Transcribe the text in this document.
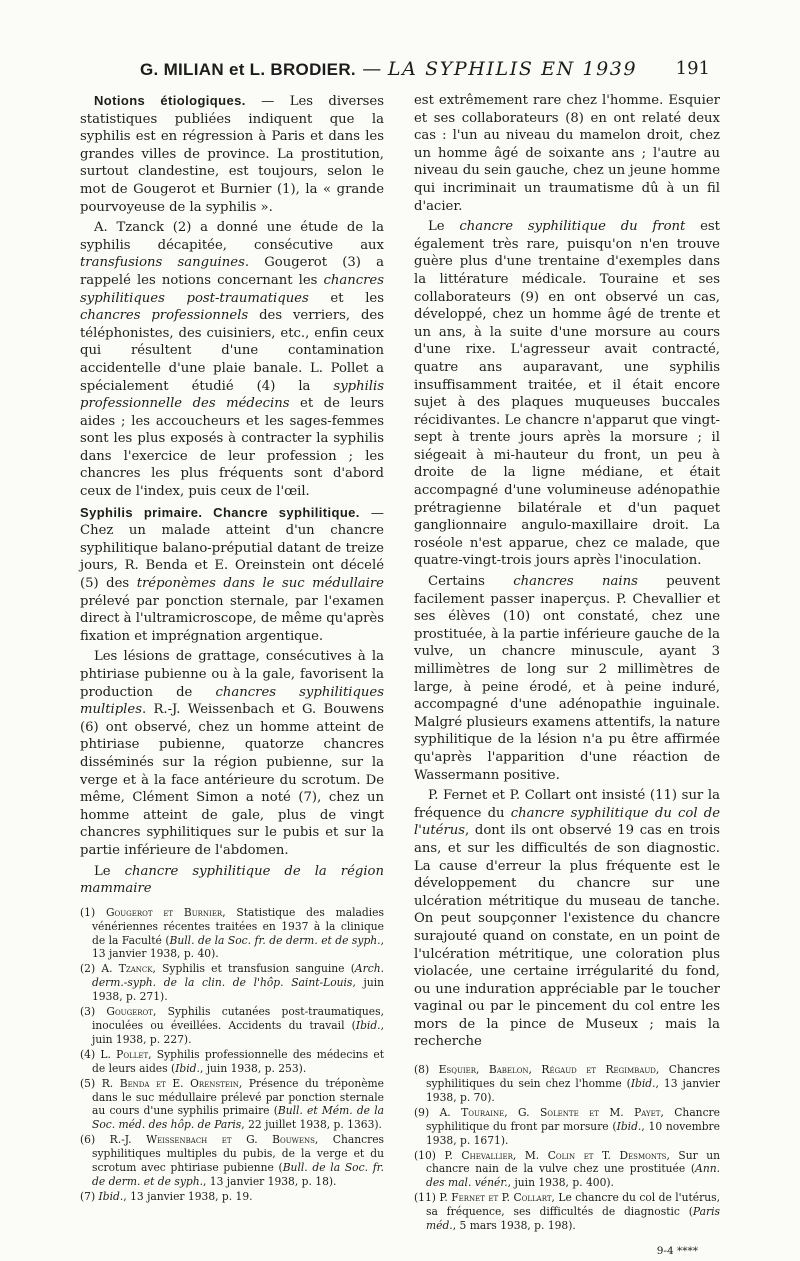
G. MILIAN et L. BRODIER. — LA SYPHILIS EN 1939 191

Notions étiologiques. — Les diverses statistiques publiées indiquent que la syphilis est en régression à Paris et dans les grandes villes de province. La prostitution, surtout clandestine, est toujours, selon le mot de Gougerot et Burnier (1), la « grande pourvoyeuse de la syphilis ».

A. Tzanck (2) a donné une étude de la syphilis décapitée, consécutive aux transfusions sanguines. Gougerot (3) a rappelé les notions concernant les chancres syphilitiques post-traumatiques et les chancres professionnels des verriers, des téléphonistes, des cuisiniers, etc., enfin ceux qui résultent d'une contamination accidentelle d'une plaie banale. L. Pollet a spécialement étudié (4) la syphilis professionnelle des médecins et de leurs aides ; les accoucheurs et les sages-femmes sont les plus exposés à contracter la syphilis dans l'exercice de leur profession ; les chancres les plus fréquents sont d'abord ceux de l'index, puis ceux de l'œil.

Syphilis primaire. Chancre syphilitique. — Chez un malade atteint d'un chancre syphilitique balano-préputial datant de treize jours, R. Benda et E. Oreinstein ont décelé (5) des tréponèmes dans le suc médullaire prélevé par ponction sternale, par l'examen direct à l'ultramicroscope, de même qu'après fixation et imprégnation argentique.

Les lésions de grattage, consécutives à la phtiriase pubienne ou à la gale, favorisent la production de chancres syphilitiques multiples. R.-J. Weissenbach et G. Bouwens (6) ont observé, chez un homme atteint de phtiriase pubienne, quatorze chancres disséminés sur la région pubienne, sur la verge et à la face antérieure du scrotum. De même, Clément Simon a noté (7), chez un homme atteint de gale, plus de vingt chancres syphilitiques sur le pubis et sur la partie inférieure de l'abdomen.

Le chancre syphilitique de la région mammaire

(1) Gougerot et Burnier, Statistique des maladies vénériennes récentes traitées en 1937 à la clinique de la Faculté (Bull. de la Soc. fr. de derm. et de syph., 13 janvier 1938, p. 40).

(2) A. Tzanck, Syphilis et transfusion sanguine (Arch. derm.-syph. de la clin. de l'hôp. Saint-Louis, juin 1938, p. 271).

(3) Gougerot, Syphilis cutanées post-traumatiques, inoculées ou éveillées. Accidents du travail (Ibid., juin 1938, p. 227).

(4) L. Pollet, Syphilis professionnelle des médecins et de leurs aides (Ibid., juin 1938, p. 253).

(5) R. Benda et E. Orenstein, Présence du tréponème dans le suc médullaire prélevé par ponction sternale au cours d'une syphilis primaire (Bull. et Mém. de la Soc. méd. des hôp. de Paris, 22 juillet 1938, p. 1363).

(6) R.-J. Weissenbach et G. Bouwens, Chancres syphilitiques multiples du pubis, de la verge et du scrotum avec phtiriase pubienne (Bull. de la Soc. fr. de derm. et de syph., 13 janvier 1938, p. 18).

(7) Ibid., 13 janvier 1938, p. 19.

est extrêmement rare chez l'homme. Esquier et ses collaborateurs (8) en ont relaté deux cas : l'un au niveau du mamelon droit, chez un homme âgé de soixante ans ; l'autre au niveau du sein gauche, chez un jeune homme qui incriminait un traumatisme dû à un fil d'acier.

Le chancre syphilitique du front est également très rare, puisqu'on n'en trouve guère plus d'une trentaine d'exemples dans la littérature médicale. Touraine et ses collaborateurs (9) en ont observé un cas, développé, chez un homme âgé de trente et un ans, à la suite d'une morsure au cours d'une rixe. L'agresseur avait contracté, quatre ans auparavant, une syphilis insuffisamment traitée, et il était encore sujet à des plaques muqueuses buccales récidivantes. Le chancre n'apparut que vingt-sept à trente jours après la morsure ; il siégeait à mi-hauteur du front, un peu à droite de la ligne médiane, et était accompagné d'une volumineuse adénopathie prétragienne bilatérale et d'un paquet ganglionnaire angulo-maxillaire droit. La roséole n'est apparue, chez ce malade, que quatre-vingt-trois jours après l'inoculation.

Certains chancres nains peuvent facilement passer inaperçus. P. Chevallier et ses élèves (10) ont constaté, chez une prostituée, à la partie inférieure gauche de la vulve, un chancre minuscule, ayant 3 millimètres de long sur 2 millimètres de large, à peine érodé, et à peine induré, accompagné d'une adénopathie inguinale. Malgré plusieurs examens attentifs, la nature syphilitique de la lésion n'a pu être affirmée qu'après l'apparition d'une réaction de Wassermann positive.

P. Fernet et P. Collart ont insisté (11) sur la fréquence du chancre syphilitique du col de l'utérus, dont ils ont observé 19 cas en trois ans, et sur les difficultés de son diagnostic. La cause d'erreur la plus fréquente est le développement du chancre sur une ulcération métritique du museau de tanche. On peut soupçonner l'existence du chancre surajouté quand on constate, en un point de l'ulcération métritique, une coloration plus violacée, une certaine irrégularité du fond, ou une induration appréciable par le toucher vaginal ou par le pincement du col entre les mors de la pince de Museux ; mais la recherche

(8) Esquier, Babelon, Régaud et Regimbaud, Chancres syphilitiques du sein chez l'homme (Ibid., 13 janvier 1938, p. 70).

(9) A. Touraine, G. Solente et M. Payet, Chancre syphilitique du front par morsure (Ibid., 10 novembre 1938, p. 1671).

(10) P. Chevallier, M. Colin et T. Desmonts, Sur un chancre nain de la vulve chez une prostituée (Ann. des mal. vénér., juin 1938, p. 400).

(11) P. Fernet et P. Collart, Le chancre du col de l'utérus, sa fréquence, ses difficultés de diagnostic (Paris méd., 5 mars 1938, p. 198).

9-4 ****
